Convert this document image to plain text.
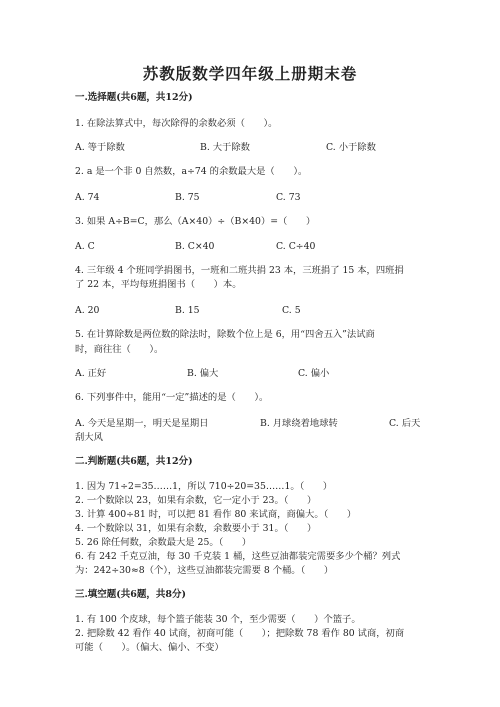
苏教版数学四年级上册期末卷
一.选择题(共6题，共12分)
1. 在除法算式中，每次除得的余数必须（　　）。
A. 等于除数	B. 大于除数	C. 小于除数
2. a 是一个非 0 自然数，a÷74 的余数最大是（　　）。
A. 74	B. 75	C. 73
3. 如果 A÷B=C，那么（A×40）÷（B×40）=（　　）
A. C	B. C×40	C. C÷40
4. 三年级 4 个班同学捐图书，一班和二班共捐 23 本，三班捐了 15 本，四班捐
了 22 本，平均每班捐图书（　　）本。
A. 20	B. 15	C. 5
5. 在计算除数是两位数的除法时，除数个位上是 6，用“四舍五入”法试商
时，商往往（　　）。
A. 正好	B. 偏大	C. 偏小
6. 下列事件中，能用“一定”描述的是（　　）。
A. 今天是星期一，明天是星期日	B. 月球绕着地球转	C. 后天
刮大风
二.判断题(共6题，共12分)
1. 因为 71÷2=35……1，所以 710÷20=35……1。（　　）
2. 一个数除以 23，如果有余数，它一定小于 23。（　　）
3. 计算 400÷81 时，可以把 81 看作 80 来试商，商偏大。（　　）
4. 一个数除以 31，如果有余数，余数要小于 31。（　　）
5. 26 除任何数，余数最大是 25。（　　）
6. 有 242 千克豆油，每 30 千克装 1 桶，这些豆油都装完需要多少个桶？列式
为：242÷30≈8（个），这些豆油都装完需要 8 个桶。（　　）
三.填空题(共6题，共8分)
1. 有 100 个皮球，每个篮子能装 30 个，至少需要（　　）个篮子。
2. 把除数 42 看作 40 试商，初商可能（　　）；把除数 78 看作 80 试商，初商
可能（　　）。（偏大、偏小、不变）
